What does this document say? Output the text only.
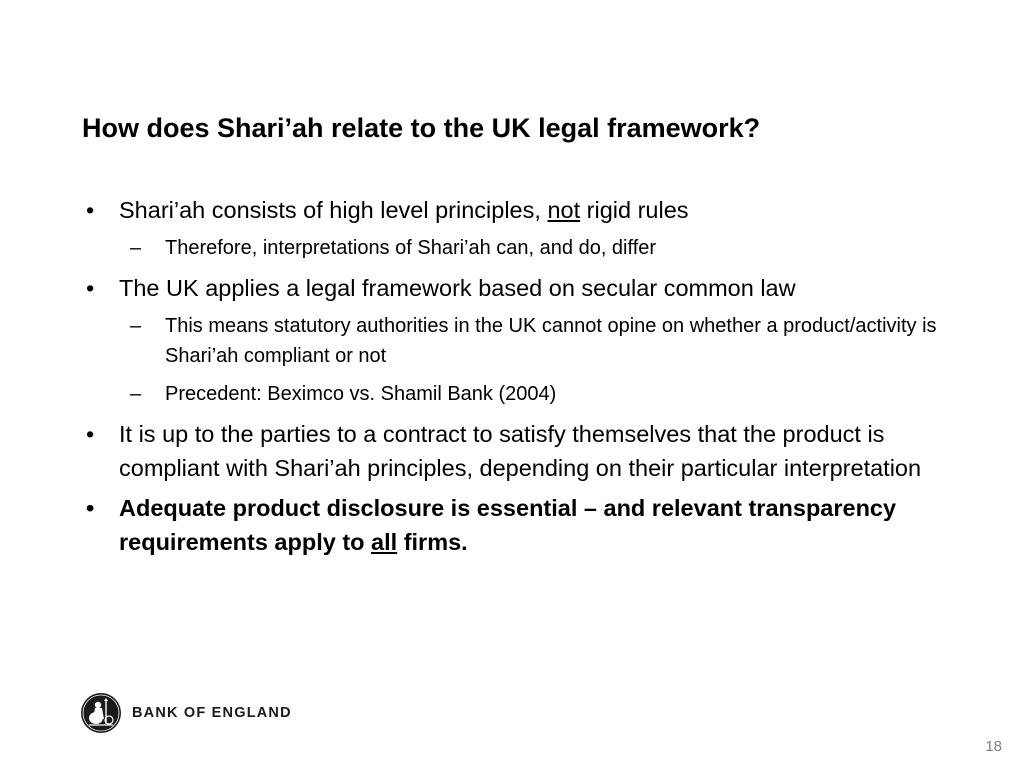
How does Shari’ah relate to the UK legal framework?
• Shari’ah consists of high level principles, not rigid rules
– Therefore, interpretations of Shari’ah can, and do, differ
• The UK applies a legal framework based on secular common law
– This means statutory authorities in the UK cannot opine on whether a product/activity is Shari’ah compliant or not
– Precedent: Beximco vs. Shamil Bank (2004)
• It is up to the parties to a contract to satisfy themselves that the product is compliant with Shari’ah principles, depending on their particular interpretation
• Adequate product disclosure is essential – and relevant transparency requirements apply to all firms.
BANK OF ENGLAND
18
